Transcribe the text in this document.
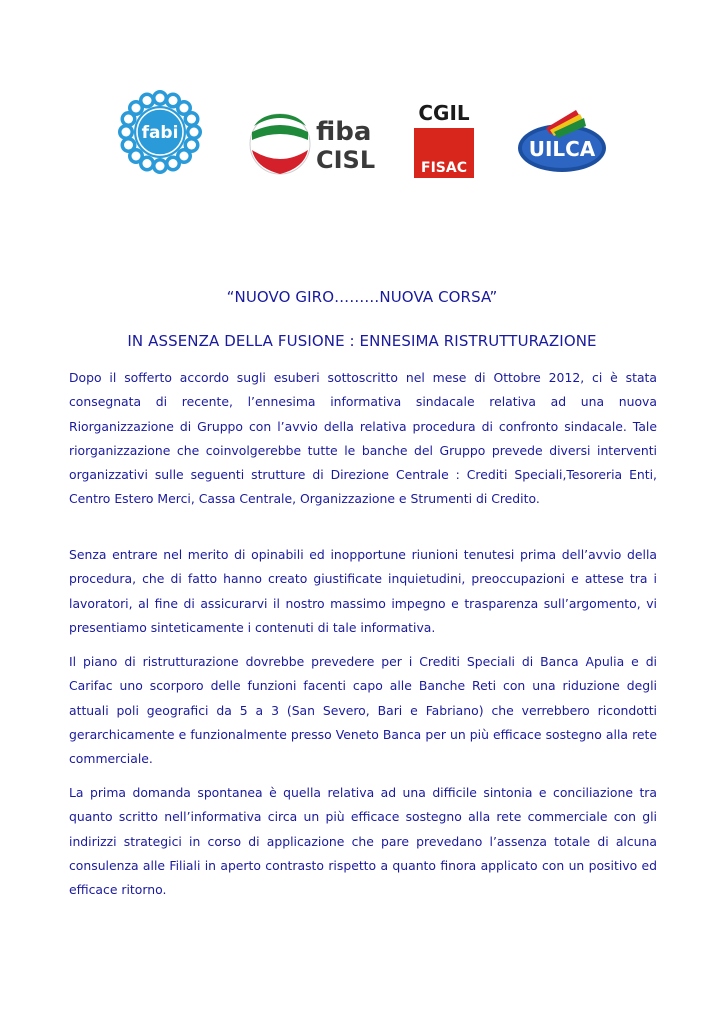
fabi	fiba
CISL
CGIL
FISAC
UILCA
“NUOVO GIRO………NUOVA CORSA”
IN ASSENZA DELLA FUSIONE : ENNESIMA RISTRUTTURAZIONE

Dopo il sofferto accordo sugli esuberi sottoscritto nel mese di Ottobre 2012, ci è stata consegnata di recente, l’ennesima informativa sindacale relativa ad una nuova Riorganizzazione di Gruppo con l’avvio della relativa procedura di confronto sindacale. Tale riorganizzazione che coinvolgerebbe tutte le banche del Gruppo prevede diversi interventi organizzativi sulle seguenti strutture di Direzione Centrale : Crediti Speciali,Tesoreria Enti, Centro Estero Merci, Cassa Centrale, Organizzazione e Strumenti di Credito.

Senza entrare nel merito di opinabili ed inopportune riunioni tenutesi prima dell’avvio della procedura, che di fatto hanno creato giustificate inquietudini, preoccupazioni e attese tra i lavoratori, al fine di assicurarvi il nostro massimo impegno e trasparenza sull’argomento, vi presentiamo sinteticamente i contenuti di tale informativa.

Il piano di ristrutturazione dovrebbe prevedere per i Crediti Speciali di Banca Apulia e di Carifac uno scorporo delle funzioni facenti capo alle Banche Reti con una riduzione degli attuali poli geografici da 5 a 3 (San Severo, Bari e Fabriano) che verrebbero ricondotti gerarchicamente e funzionalmente presso Veneto Banca per un più efficace sostegno alla rete commerciale.

La prima domanda spontanea è quella relativa ad una difficile sintonia e conciliazione tra quanto scritto nell’informativa circa un più efficace sostegno alla rete commerciale con gli indirizzi strategici in corso di applicazione che pare prevedano l’assenza totale di alcuna consulenza alle Filiali in aperto contrasto rispetto a quanto finora applicato con un positivo ed efficace ritorno.
